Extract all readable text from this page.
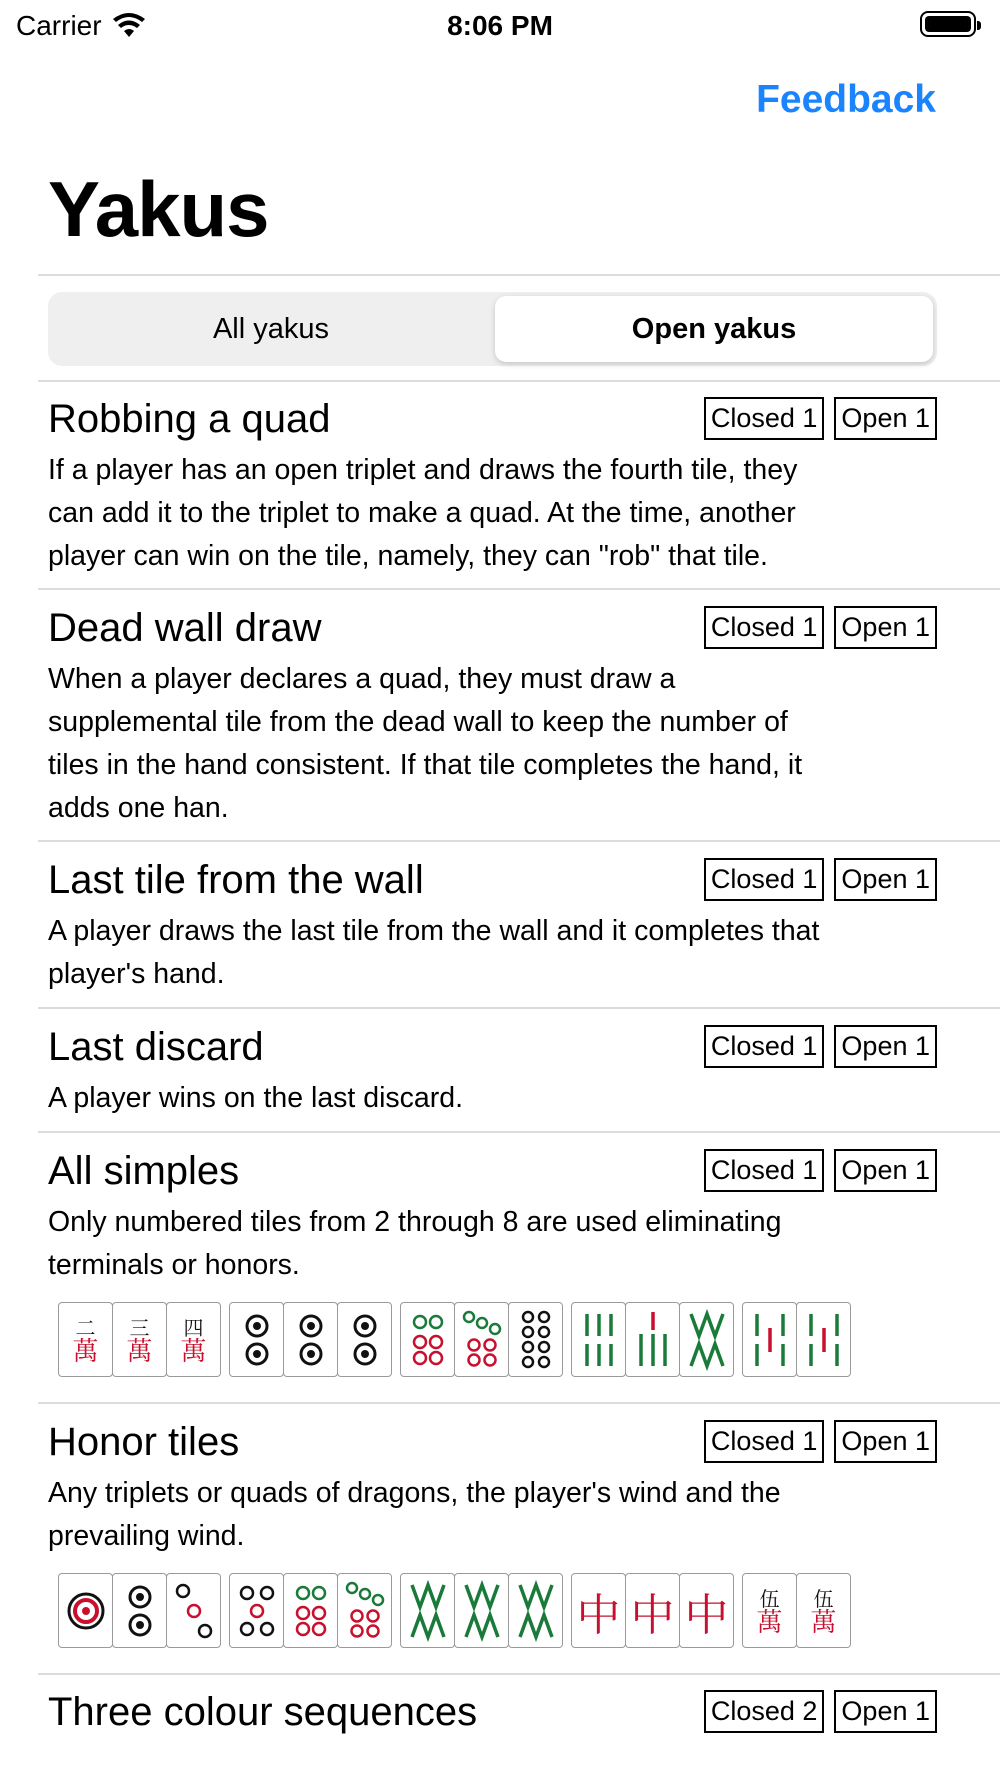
Carrier	8:06 PM
Feedback
Yakus
All yakus	Open yakus
Robbing a quad	Closed 1 Open 1
If a player has an open triplet and draws the fourth tile, they
can add it to the triplet to make a quad. At the time, another
player can win on the tile, namely, they can "rob" that tile.
Dead wall draw	Closed 1 Open 1
When a player declares a quad, they must draw a
supplemental tile from the dead wall to keep the number of
tiles in the hand consistent. If that tile completes the hand, it
adds one han.
Last tile from the wall	Closed 1 Open 1
A player draws the last tile from the wall and it completes that
player's hand.
Last discard	Closed 1 Open 1
A player wins on the last discard.
All simples	Closed 1 Open 1
Only numbered tiles from 2 through 8 are used eliminating
terminals or honors.
二
萬
三
萬
四
萬
Honor tiles	Closed 1 Open 1
Any triplets or quads of dragons, the player's wind and the
prevailing wind.
中 中 中 伍
萬
伍
萬
Three colour sequences	Closed 2 Open 1
